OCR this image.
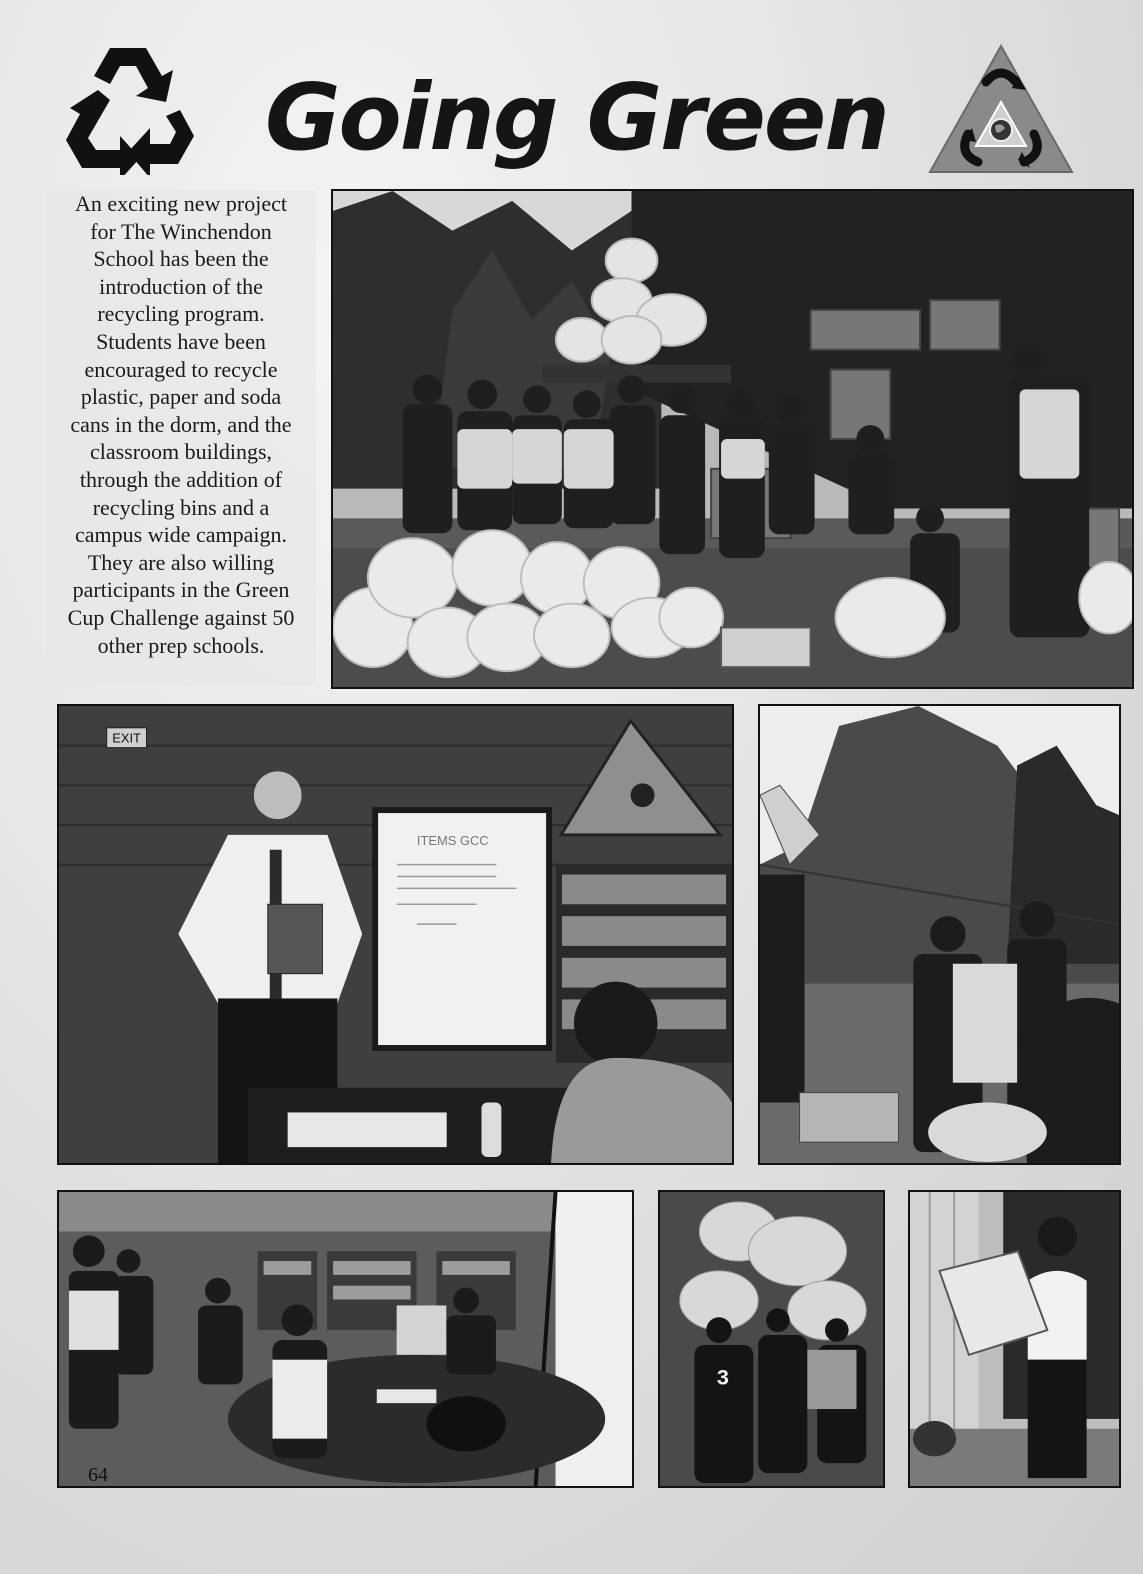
Going Green

An exciting new project

for The Winchendon

School has been the

introduction of the

recycling program.

Students have been

encouraged to recycle

plastic, paper and soda

cans in the dorm, and the

classroom buildings,

through the addition of

recycling bins and a

campus wide campaign.

They are also willing

participants in the Green

Cup Challenge against 50

other prep schools.

EXIT
ITEMS GCC
3
64
